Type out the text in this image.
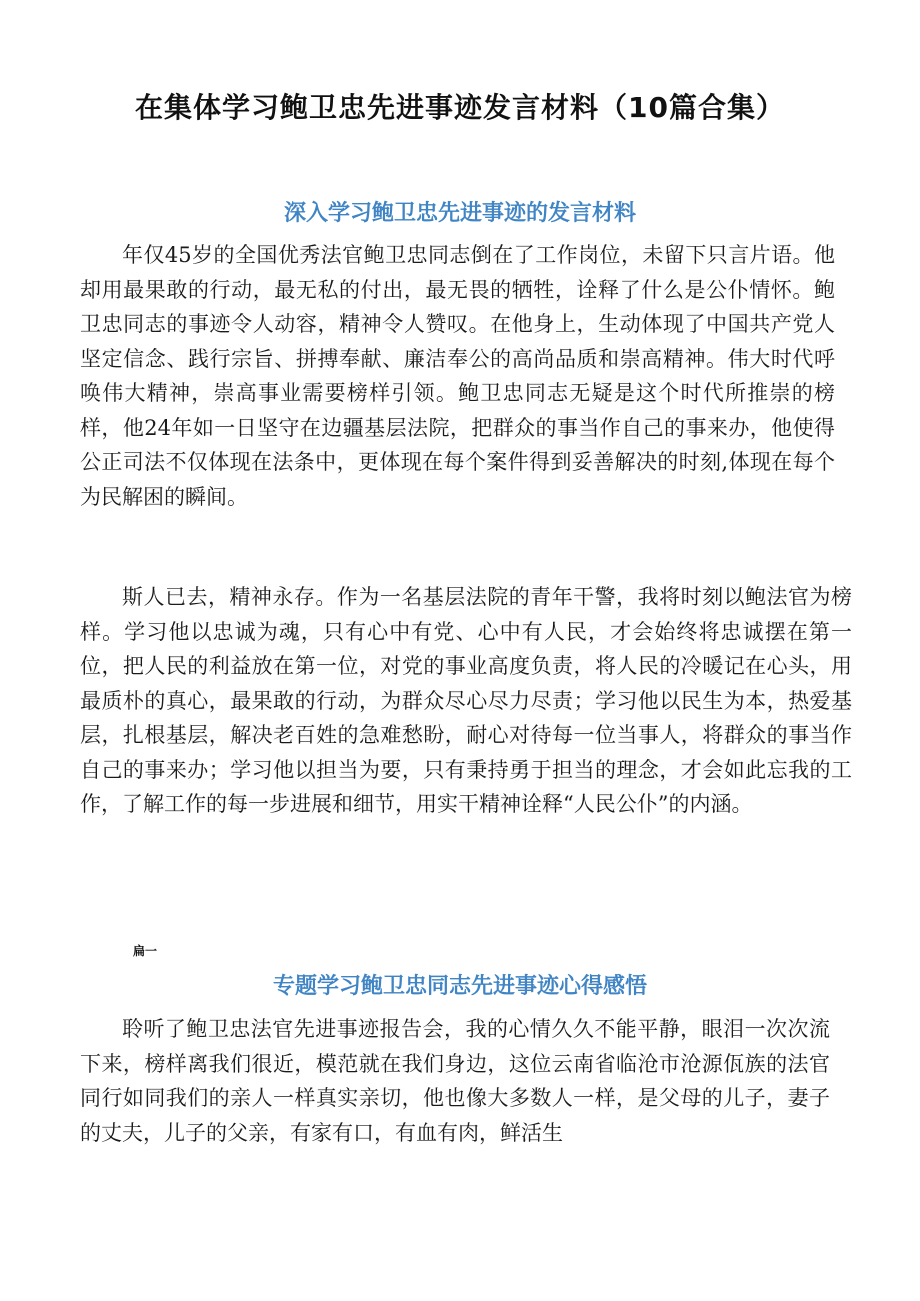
在集体学习鲍卫忠先进事迹发言材料（10篇合集）
深入学习鲍卫忠先进事迹的发言材料

年仅45岁的全国优秀法官鲍卫忠同志倒在了工作岗位，未留下只言片语。他却用最果敢的行动，最无私的付出，最无畏的牺牲，诠释了什么是公仆情怀。鲍卫忠同志的事迹令人动容，精神令人赞叹。在他身上，生动体现了中国共产党人坚定信念、践行宗旨、拼搏奉献、廉洁奉公的高尚品质和崇高精神。伟大时代呼唤伟大精神，崇高事业需要榜样引领。鲍卫忠同志无疑是这个时代所推崇的榜样，他24年如一日坚守在边疆基层法院，把群众的事当作自己的事来办，他使得公正司法不仅体现在法条中，更体现在每个案件得到妥善解决的时刻,体现在每个为民解困的瞬间。

斯人已去，精神永存。作为一名基层法院的青年干警，我将时刻以鲍法官为榜样。学习他以忠诚为魂，只有心中有党、心中有人民，才会始终将忠诚摆在第一位，把人民的利益放在第一位，对党的事业高度负责，将人民的冷暖记在心头，用最质朴的真心，最果敢的行动，为群众尽心尽力尽责；学习他以民生为本，热爱基层，扎根基层，解决老百姓的急难愁盼，耐心对待每一位当事人，将群众的事当作自己的事来办；学习他以担当为要，只有秉持勇于担当的理念，才会如此忘我的工作，了解工作的每一步进展和细节，用实干精神诠释“人民公仆”的内涵。

扁一
专题学习鲍卫忠同志先进事迹心得感悟

聆听了鲍卫忠法官先进事迹报告会，我的心情久久不能平静，眼泪一次次流下来，榜样离我们很近，模范就在我们身边，这位云南省临沧市沧源佤族的法官同行如同我们的亲人一样真实亲切，他也像大多数人一样，是父母的儿子，妻子的丈夫，儿子的父亲，有家有口，有血有肉，鲜活生
